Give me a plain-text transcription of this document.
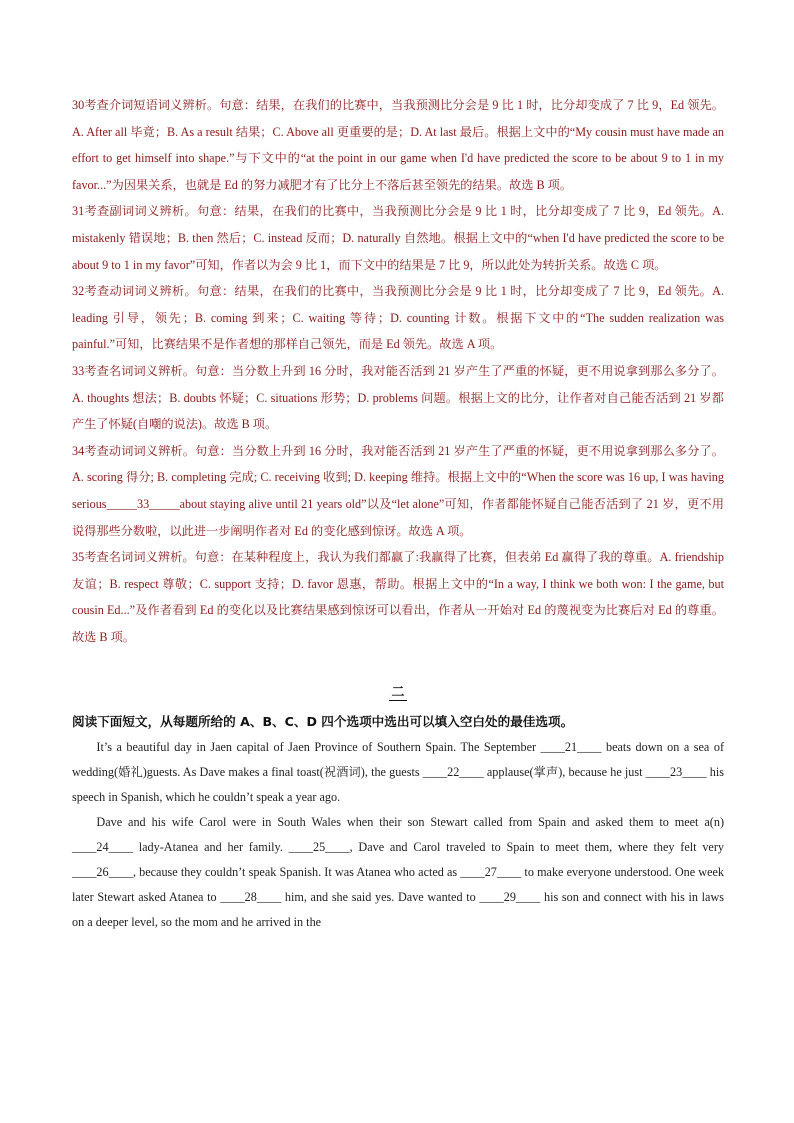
30考查介词短语词义辨析。句意：结果，在我们的比赛中，当我预测比分会是 9 比 1 时，比分却变成了 7 比 9，Ed 领先。A. After all 毕竟；B. As a result 结果；C. Above all 更重要的是；D. At last 最后。根据上文中的“My cousin must have made an effort to get himself into shape.”与下文中的“at the point in our game when I'd have predicted the score to be about 9 to 1 in my favor...”为因果关系，也就是 Ed 的努力减肥才有了比分上不落后甚至领先的结果。故选 B 项。

31考查副词词义辨析。句意：结果，在我们的比赛中，当我预测比分会是 9 比 1 时，比分却变成了 7 比 9，Ed 领先。A. mistakenly 错误地；B. then 然后；C. instead 反而；D. naturally 自然地。根据上文中的“when I'd have predicted the score to be about 9 to 1 in my favor”可知，作者以为会 9 比 1，而下文中的结果是 7 比 9，所以此处为转折关系。故选 C 项。

32考查动词词义辨析。句意：结果，在我们的比赛中，当我预测比分会是 9 比 1 时，比分却变成了 7 比 9，Ed 领先。A. leading 引导，领先；B. coming 到来；C. waiting 等待；D. counting 计数。根据下文中的“The sudden realization was painful.”可知，比赛结果不是作者想的那样自己领先，而是 Ed 领先。故选 A 项。

33考查名词词义辨析。句意：当分数上升到 16 分时，我对能否活到 21 岁产生了严重的怀疑，更不用说拿到那么多分了。A. thoughts 想法；B. doubts 怀疑；C. situations 形势；D. problems 问题。根据上文的比分，让作者对自己能否活到 21 岁都产生了怀疑(自嘲的说法)。故选 B 项。

34考查动词词义辨析。句意：当分数上升到 16 分时，我对能否活到 21 岁产生了严重的怀疑，更不用说拿到那么多分了。A. scoring 得分; B. completing 完成; C. receiving 收到; D. keeping 维持。根据上文中的“When the score was 16 up, I was having serious_____33_____about staying alive until 21 years old”以及“let alone”可知，作者都能怀疑自己能否活到了 21 岁，更不用说得那些分数啦，以此进一步阐明作者对 Ed 的变化感到惊讶。故选 A 项。

35考查名词词义辨析。句意：在某种程度上，我认为我们都赢了:我赢得了比赛，但表弟 Ed 赢得了我的尊重。A. friendship 友谊；B. respect 尊敬；C. support 支持；D. favor 恩惠，帮助。根据上文中的“In a way, I think we both won: I the game, but cousin Ed...”及作者看到 Ed 的变化以及比赛结果感到惊讶可以看出，作者从一开始对 Ed 的蔑视变为比赛后对 Ed 的尊重。故选 B 项。

二

阅读下面短文，从每题所给的 A、B、C、D 四个选项中选出可以填入空白处的最佳选项。

It’s a beautiful day in Jaen capital of Jaen Province of Southern Spain. The September ____21____ beats down on a sea of wedding(婚礼)guests. As Dave makes a final toast(祝酒词), the guests ____22____ applause(掌声), because he just ____23____ his speech in Spanish, which he couldn’t speak a year ago.

Dave and his wife Carol were in South Wales when their son Stewart called from Spain and asked them to meet a(n) ____24____ lady-Atanea and her family. ____25____, Dave and Carol traveled to Spain to meet them, where they felt very ____26____, because they couldn’t speak Spanish. It was Atanea who acted as ____27____ to make everyone understood. One week later Stewart asked Atanea to ____28____ him, and she said yes. Dave wanted to ____29____ his son and connect with his in laws on a deeper level, so the mom and he arrived in the
